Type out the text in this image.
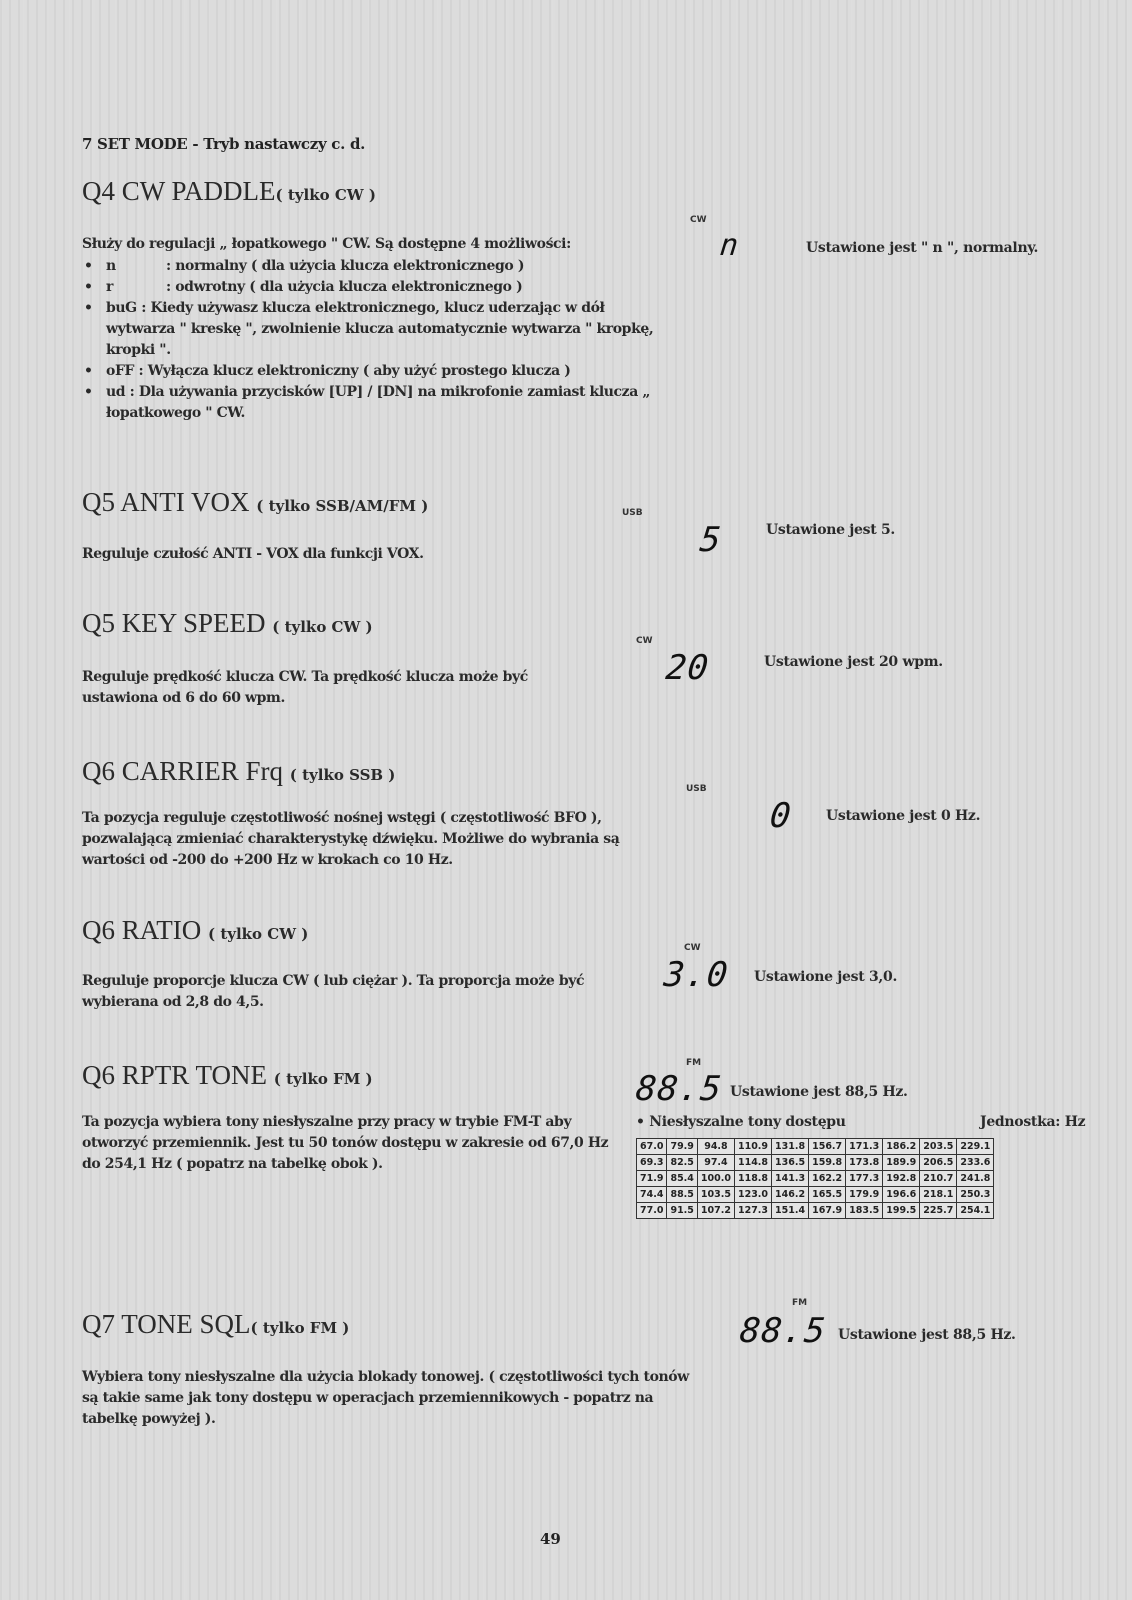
7 SET MODE - Tryb nastawczy c. d.
Q4 CW PADDLE( tylko CW )
Służy do regulacji „ łopatkowego " CW. Są dostępne 4 możliwości:
• n	: normalny ( dla użycia klucza elektronicznego )
• r	: odwrotny ( dla użycia klucza elektronicznego )
• buG : Kiedy używasz klucza elektronicznego, klucz uderzając w dół wytwarza " kreskę ", zwolnienie klucza automatycznie wytwarza " kropkę, kropki ".
• oFF : Wyłącza klucz elektroniczny ( aby użyć prostego klucza )
• ud : Dla używania przycisków [UP] / [DN] na mikrofonie zamiast klucza „ łopatkowego " CW.
CW
n	Ustawione jest " n ", normalny.
Q5 ANTI VOX ( tylko SSB/AM/FM )	USB
5	Ustawione jest 5.
Reguluje czułość ANTI - VOX dla funkcji VOX.
Q5 KEY SPEED ( tylko CW )
CW
20	Ustawione jest 20 wpm.
Reguluje prędkość klucza CW. Ta prędkość klucza może być ustawiona od 6 do 60 wpm.
Q6 CARRIER Frq ( tylko SSB )
USB
0 Ustawione jest 0 Hz.
Ta pozycja reguluje częstotliwość nośnej wstęgi ( częstotliwość BFO ), pozwalającą zmieniać charakterystykę dźwięku. Możliwe do wybrania są wartości od -200 do +200 Hz w krokach co 10 Hz.
Q6 RATIO ( tylko CW )
CW
3.0 Ustawione jest 3,0.
Reguluje proporcje klucza CW ( lub ciężar ). Ta proporcja może być wybierana od 2,8 do 4,5.
Q6 RPTR TONE ( tylko FM )
FM
88.5 Ustawione jest 88,5 Hz.
Ta pozycja wybiera tony niesłyszalne przy pracy w trybie FM-T aby otworzyć przemiennik. Jest tu 50 tonów dostępu w zakresie od 67,0 Hz do 254,1 Hz ( popatrz na tabelkę obok ).
• Niesłyszalne tony dostępu	Jednostka: Hz
67.0	79.9	94.8	110.9	131.8	156.7	171.3	186.2	203.5	229.1
69.3	82.5	97.4	114.8	136.5	159.8	173.8	189.9	206.5	233.6
71.9	85.4	100.0	118.8	141.3	162.2	177.3	192.8	210.7	241.8
74.4	88.5	103.5	123.0	146.2	165.5	179.9	196.6	218.1	250.3
77.0	91.5	107.2	127.3	151.4	167.9	183.5	199.5	225.7	254.1
Q7 TONE SQL( tylko FM )
FM
88.5 Ustawione jest 88,5 Hz.
Wybiera tony niesłyszalne dla użycia blokady tonowej. ( częstotliwości tych tonów są takie same jak tony dostępu w operacjach przemiennikowych - popatrz na tabelkę powyżej ).
49
